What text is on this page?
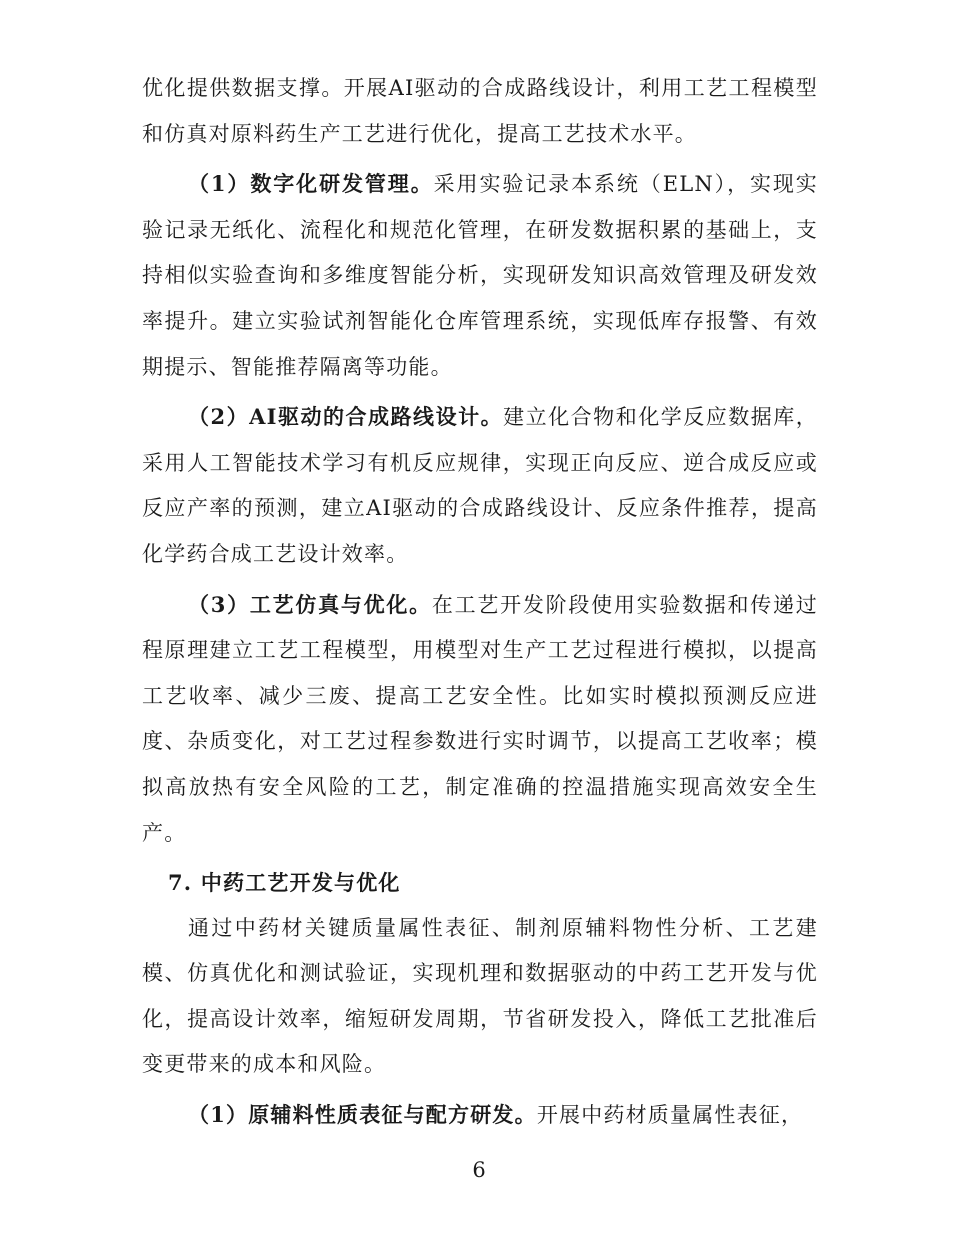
优化提供数据支撑。开展AI驱动的合成路线设计，利用工艺工程模型和仿真对原料药生产工艺进行优化，提高工艺技术水平。

（1）数字化研发管理。采用实验记录本系统（ELN），实现实验记录无纸化、流程化和规范化管理，在研发数据积累的基础上，支持相似实验查询和多维度智能分析，实现研发知识高效管理及研发效率提升。建立实验试剂智能化仓库管理系统，实现低库存报警、有效期提示、智能推荐隔离等功能。

（2）AI驱动的合成路线设计。建立化合物和化学反应数据库，采用人工智能技术学习有机反应规律，实现正向反应、逆合成反应或反应产率的预测，建立AI驱动的合成路线设计、反应条件推荐，提高化学药合成工艺设计效率。

（3）工艺仿真与优化。在工艺开发阶段使用实验数据和传递过程原理建立工艺工程模型，用模型对生产工艺过程进行模拟，以提高工艺收率、减少三废、提高工艺安全性。比如实时模拟预测反应进度、杂质变化，对工艺过程参数进行实时调节，以提高工艺收率；模拟高放热有安全风险的工艺，制定准确的控温措施实现高效安全生产。

7. 中药工艺开发与优化

通过中药材关键质量属性表征、制剂原辅料物性分析、工艺建模、仿真优化和测试验证，实现机理和数据驱动的中药工艺开发与优化，提高设计效率，缩短研发周期，节省研发投入，降低工艺批准后变更带来的成本和风险。

（1）原辅料性质表征与配方研发。开展中药材质量属性表征，

6
